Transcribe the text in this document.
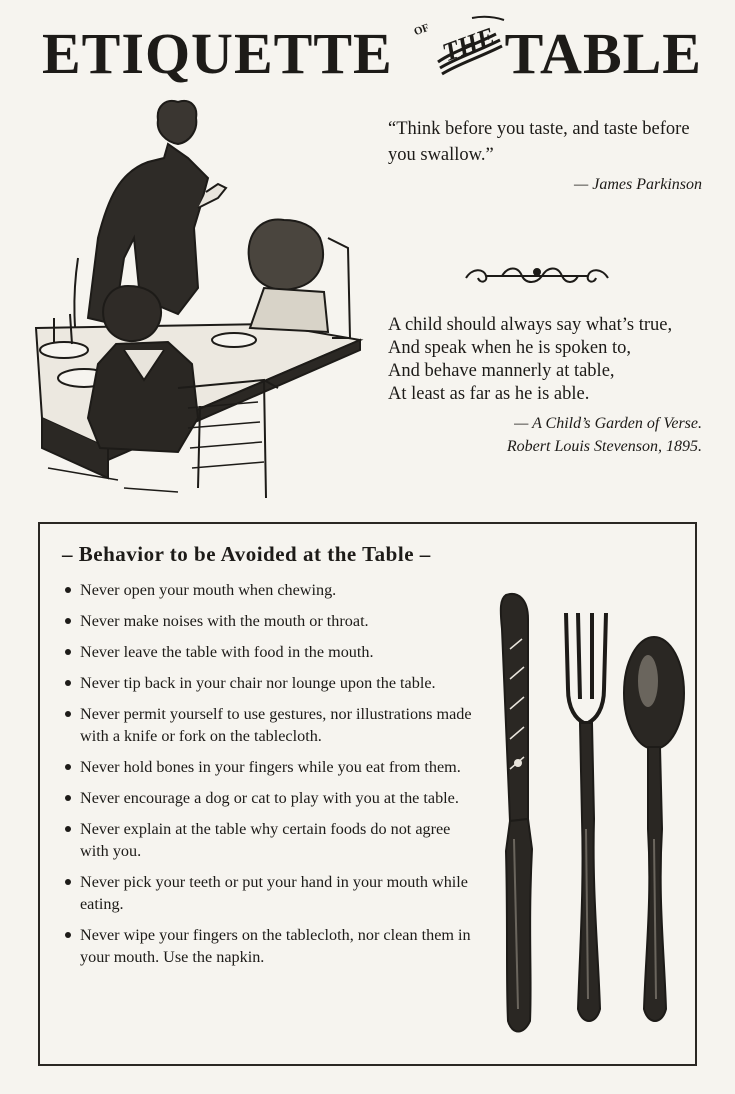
ETIQUETTE OF THE TABLE

“Think before you taste, and taste before you swallow.”

— James Parkinson

A child should always say what’s true,

And speak when he is spoken to,

And behave mannerly at table,

At least as far as he is able.

— A Child’s Garden of Verse.
Robert Louis Stevenson, 1895.
– Behavior to be Avoided at the Table –
Never open your mouth when chewing.
Never make noises with the mouth or throat.
Never leave the table with food in the mouth.
Never tip back in your chair nor lounge upon the table.
Never permit yourself to use gestures, nor illustrations made with a knife or fork on the tablecloth.
Never hold bones in your fingers while you eat from them.
Never encourage a dog or cat to play with you at the table.
Never explain at the table why certain foods do not agree with you.
Never pick your teeth or put your hand in your mouth while eating.
Never wipe your fingers on the tablecloth, nor clean them in your mouth. Use the napkin.
